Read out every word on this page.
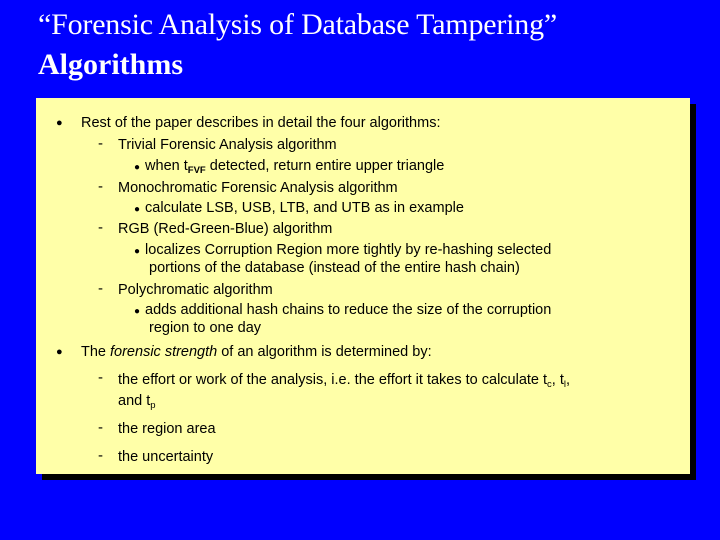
“Forensic Analysis of Database Tampering”
Algorithms
● Rest of the paper describes in detail the four algorithms:
- Trivial Forensic Analysis algorithm
● when $t_{FVF}$ detected, return entire upper triangle
- Monochromatic Forensic Analysis algorithm
● calculate LSB, USB, LTB, and UTB as in example
- RGB (Red-Green-Blue) algorithm
● localizes Corruption Region more tightly by re-hashing selected
portions of the database (instead of the entire hash chain)
- Polychromatic algorithm
● adds additional hash chains to reduce the size of the corruption
region to one day
● The forensic strength of an algorithm is determined by:
- the effort or work of the analysis, i.e. the effort it takes to calculate $t_c$, $t_l$,
and $t_p$
- the region area
- the uncertainty
